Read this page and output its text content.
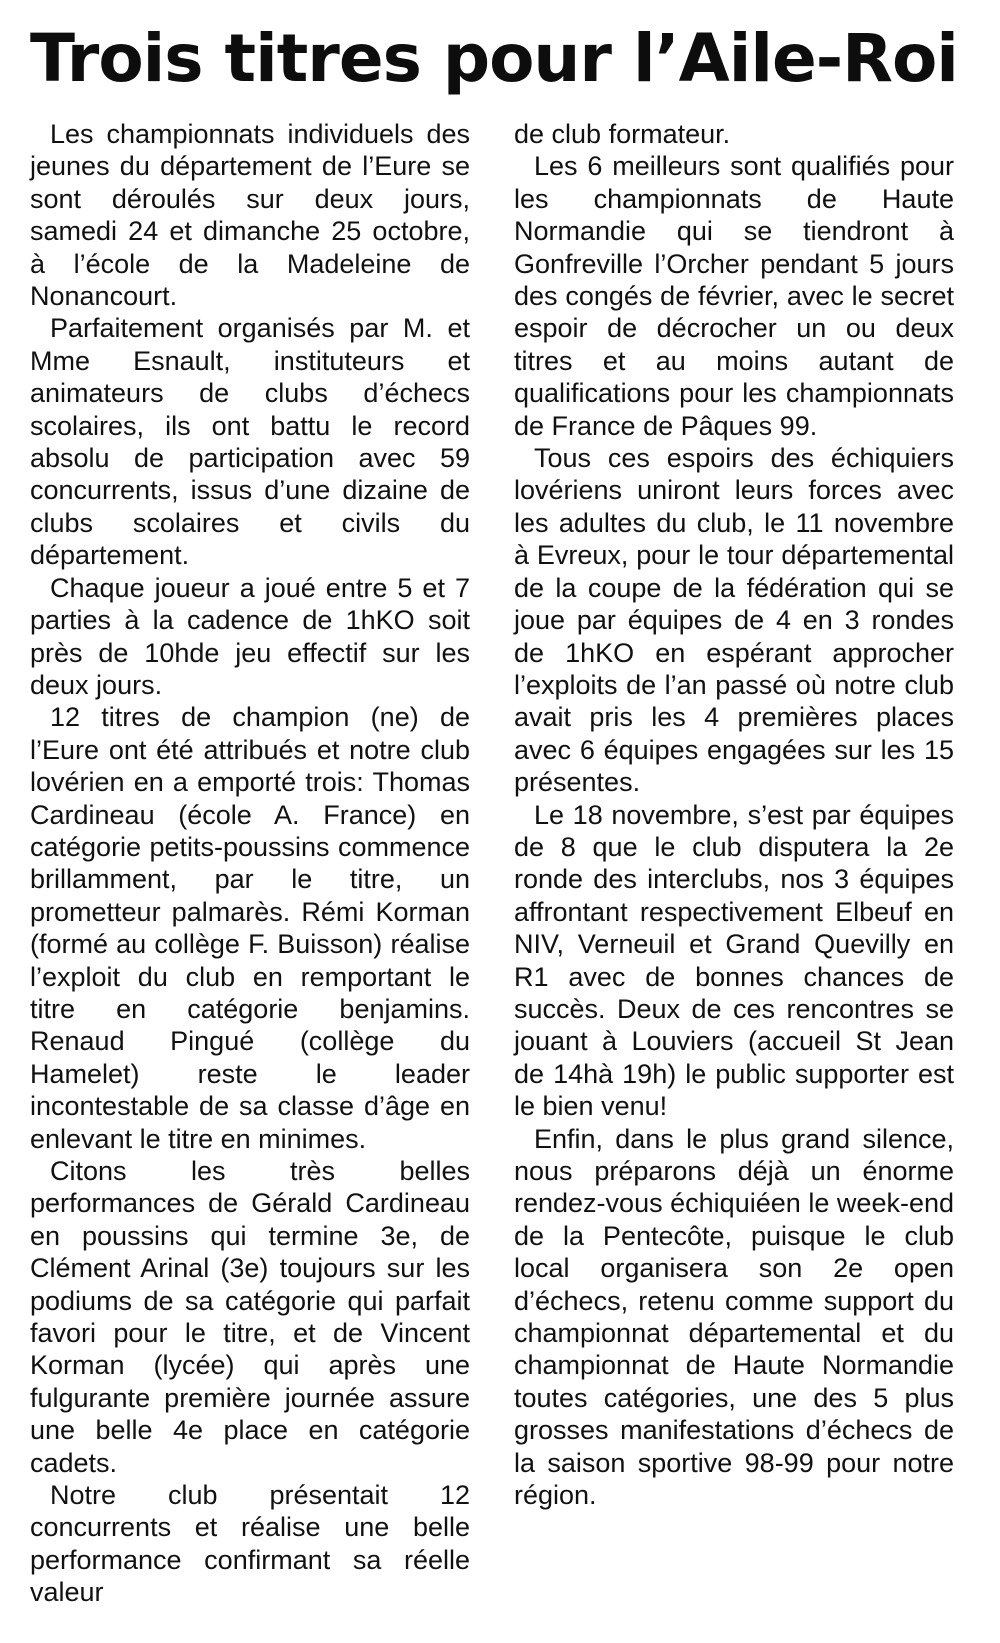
Trois titres pour l’Aile-Roi

Les championnats individuels des jeunes du département de l’Eure se sont déroulés sur deux jours, samedi 24 et dimanche 25 octobre, à l’école de la Madeleine de Nonancourt.

Parfaitement organisés par M. et Mme Esnault, instituteurs et animateurs de clubs d’échecs scolaires, ils ont battu le record absolu de participation avec 59 concurrents, issus d’une dizaine de clubs scolaires et civils du département.

Chaque joueur a joué entre 5 et 7 parties à la cadence de 1hKO soit près de 10hde jeu effectif sur les deux jours.

12 titres de champion (ne) de l’Eure ont été attribués et notre club lovérien en a emporté trois: Thomas Cardineau (école A. France) en catégorie petits-poussins commence brillamment, par le titre, un prometteur palmarès. Rémi Korman (formé au collège F. Buisson) réalise l’exploit du club en remportant le titre en catégorie benjamins. Renaud Pingué (collège du Hamelet) reste le leader incontestable de sa classe d’âge en enlevant le titre en minimes.

Citons les très belles performances de Gérald Cardineau en poussins qui termine 3e, de Clément Arinal (3e) toujours sur les podiums de sa catégorie qui parfait favori pour le titre, et de Vincent Korman (lycée) qui après une fulgurante première journée assure une belle 4e place en catégorie cadets.

Notre club présentait 12 concurrents et réalise une belle performance confirmant sa réelle valeur

de club formateur.

Les 6 meilleurs sont qualifiés pour les championnats de Haute Normandie qui se tiendront à Gonfreville l’Orcher pendant 5 jours des congés de février, avec le secret espoir de décrocher un ou deux titres et au moins autant de qualifications pour les championnats de France de Pâques 99.

Tous ces espoirs des échiquiers lovériens uniront leurs forces avec les adultes du club, le 11 novembre à Evreux, pour le tour départemental de la coupe de la fédération qui se joue par équipes de 4 en 3 rondes de 1hKO en espérant approcher l’exploits de l’an passé où notre club avait pris les 4 premières places avec 6 équipes engagées sur les 15 présentes.

Le 18 novembre, s’est par équipes de 8 que le club disputera la 2e ronde des interclubs, nos 3 équipes affrontant respectivement Elbeuf en NIV, Verneuil et Grand Quevilly en R1 avec de bonnes chances de succès. Deux de ces rencontres se jouant à Louviers (accueil St Jean de 14hà 19h) le public supporter est le bien venu!

Enfin, dans le plus grand silence, nous préparons déjà un énorme rendez-vous échiquiéen le week-end de la Pentecôte, puisque le club local organisera son 2e open d’échecs, retenu comme support du championnat départemental et du championnat de Haute Normandie toutes catégories, une des 5 plus grosses manifestations d’échecs de la saison sportive 98-99 pour notre région.
